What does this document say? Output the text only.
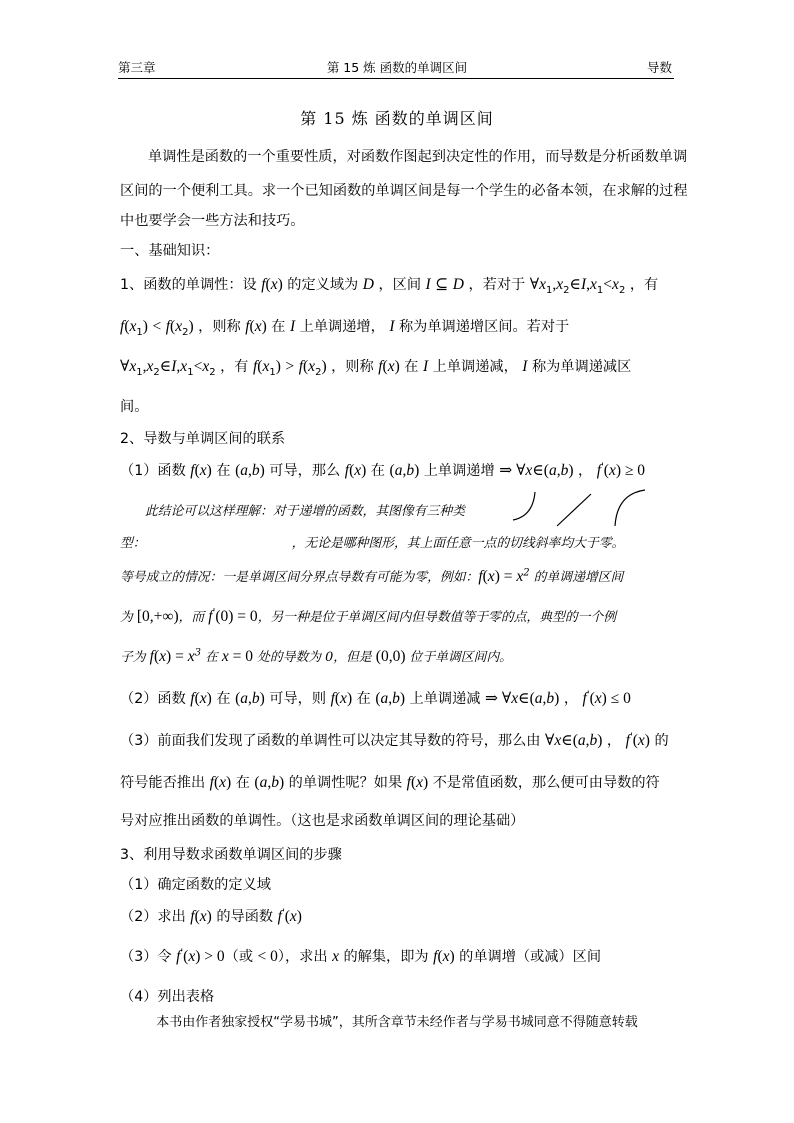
第三章	第 15 炼 函数的单调区间	导数
第 15 炼 函数的单调区间
单调性是函数的一个重要性质，对函数作图起到决定性的作用，而导数是分析函数单调
区间的一个便利工具。求一个已知函数的单调区间是每一个学生的必备本领，在求解的过程
中也要学会一些方法和技巧。
一、基础知识：
1、函数的单调性：设 f(x) 的定义域为 D ，区间 I ⊆ D ，若对于 $\forall x_1,x_2\in I,x_1<x_2$ ，有
$f(x_1) < f(x_2)$ ，则称 f(x) 在 I 上单调递增， I 称为单调递增区间。若对于
$\forall x_1,x_2\in I,x_1<x_2$ ，有 $f(x_1) > f(x_2)$ ，则称 f(x) 在 I 上单调递减， I 称为单调递减区
间。
2、导数与单调区间的联系
（1）函数 f(x) 在 (a,b) 可导，那么 f(x) 在 (a,b) 上单调递增 ⇒ ∀x∈(a,b) ， f'(x) ≥ 0
此结论可以这样理解：对于递增的函数，其图像有三种类
型：	，无论是哪种图形，其上面任意一点的切线斜率均大于零。
等号成立的情况：一是单调区间分界点导数有可能为零，例如：$f(x) = x^2$ 的单调递增区间
为 [0,+∞)，而 f'(0) = 0，另一种是位于单调区间内但导数值等于零的点，典型的一个例
子为 $f(x) = x^3$ 在 x = 0 处的导数为 0，但是 (0,0) 位于单调区间内。
（2）函数 f(x) 在 (a,b) 可导，则 f(x) 在 (a,b) 上单调递减 ⇒ ∀x∈(a,b) ， f'(x) ≤ 0
（3）前面我们发现了函数的单调性可以决定其导数的符号，那么由 ∀x∈(a,b) ， f'(x) 的
符号能否推出 f(x) 在 (a,b) 的单调性呢？如果 f(x) 不是常值函数，那么便可由导数的符
号对应推出函数的单调性。（这也是求函数单调区间的理论基础）
3、利用导数求函数单调区间的步骤
（1）确定函数的定义域
（2）求出 f(x) 的导函数 f'(x)
（3）令 f'(x) > 0（或 < 0），求出 x 的解集，即为 f(x) 的单调增（或减）区间
（4）列出表格
本书由作者独家授权“学易书城”，其所含章节未经作者与学易书城同意不得随意转载
